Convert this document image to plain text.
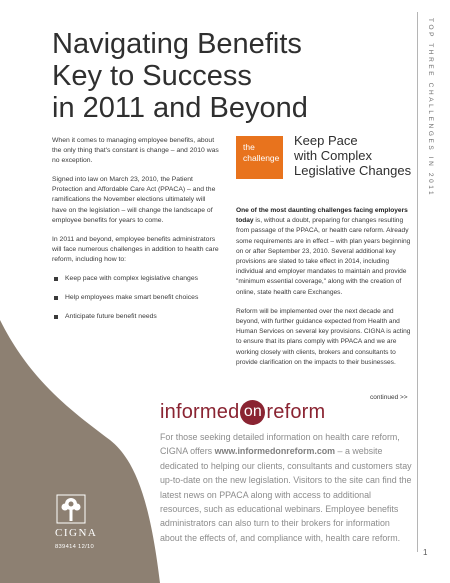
TOP THREE CHALLENGES IN 2011
1
Navigating Benefits
Key to Success
in 2011 and Beyond

When it comes to managing employee benefits, about the only thing that's constant is change – and 2010 was no exception.

Signed into law on March 23, 2010, the Patient Protection and Affordable Care Act (PPACA) – and the ramifications the November elections ultimately will have on the legislation – will change the landscape of employee benefits for years to come.

In 2011 and beyond, employee benefits administrators will face numerous challenges in addition to health care reform, including how to:

Keep pace with complex legislative changes
Help employees make smart benefit choices
Anticipate future benefit needs
the
challenge
Keep Pace
with Complex
Legislative Changes

One of the most daunting challenges facing employers today is, without a doubt, preparing for changes resulting from passage of the PPACA, or health care reform. Already some requirements are in effect – with plan years beginning on or after September 23, 2010. Several additional key provisions are slated to take effect in 2014, including individual and employer mandates to maintain and provide "minimum essential coverage," along with the creation of online, state health care Exchanges.

Reform will be implemented over the next decade and beyond, with further guidance expected from Health and Human Services on several key provisions. CIGNA is acting to ensure that its plans comply with PPACA and we are working closely with clients, brokers and consultants to provide clarification on the impacts to their businesses.

continued >>
informed on reform

For those seeking detailed information on health care reform, CIGNA offers www.informedonreform.com – a website dedicated to helping our clients, consultants and customers stay up-to-date on the new legislation. Visitors to the site can find the latest news on PPACA along with access to additional resources, such as educational webinars. Employee benefits administrators can also turn to their brokers for information about the effects of, and compliance with, health care reform.

CIGNA
839414 12/10
